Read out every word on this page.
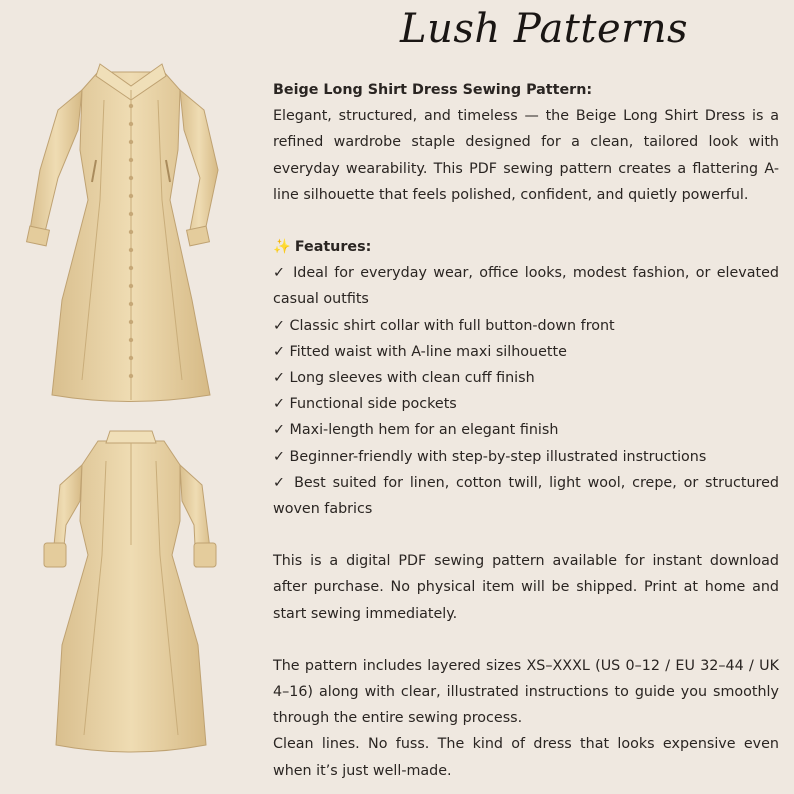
Lush Patterns

Beige Long Shirt Dress Sewing Pattern:

Elegant, structured, and timeless — the Beige Long Shirt Dress is a refined wardrobe staple designed for a clean, tailored look with everyday wearability. This PDF sewing pattern creates a flattering A-line silhouette that feels polished, confident, and quietly powerful.

✨ Features:

✓ Ideal for everyday wear, office looks, modest fashion, or elevated casual outfits

✓ Classic shirt collar with full button-down front

✓ Fitted waist with A-line maxi silhouette

✓ Long sleeves with clean cuff finish

✓ Functional side pockets

✓ Maxi-length hem for an elegant finish

✓ Beginner-friendly with step-by-step illustrated instructions

✓ Best suited for linen, cotton twill, light wool, crepe, or structured woven fabrics

This is a digital PDF sewing pattern available for instant download after purchase. No physical item will be shipped. Print at home and start sewing immediately.

The pattern includes layered sizes XS–XXXL (US 0–12 / EU 32–44 / UK 4–16) along with clear, illustrated instructions to guide you smoothly through the entire sewing process.

Clean lines. No fuss. The kind of dress that looks expensive even when it’s just well-made.
